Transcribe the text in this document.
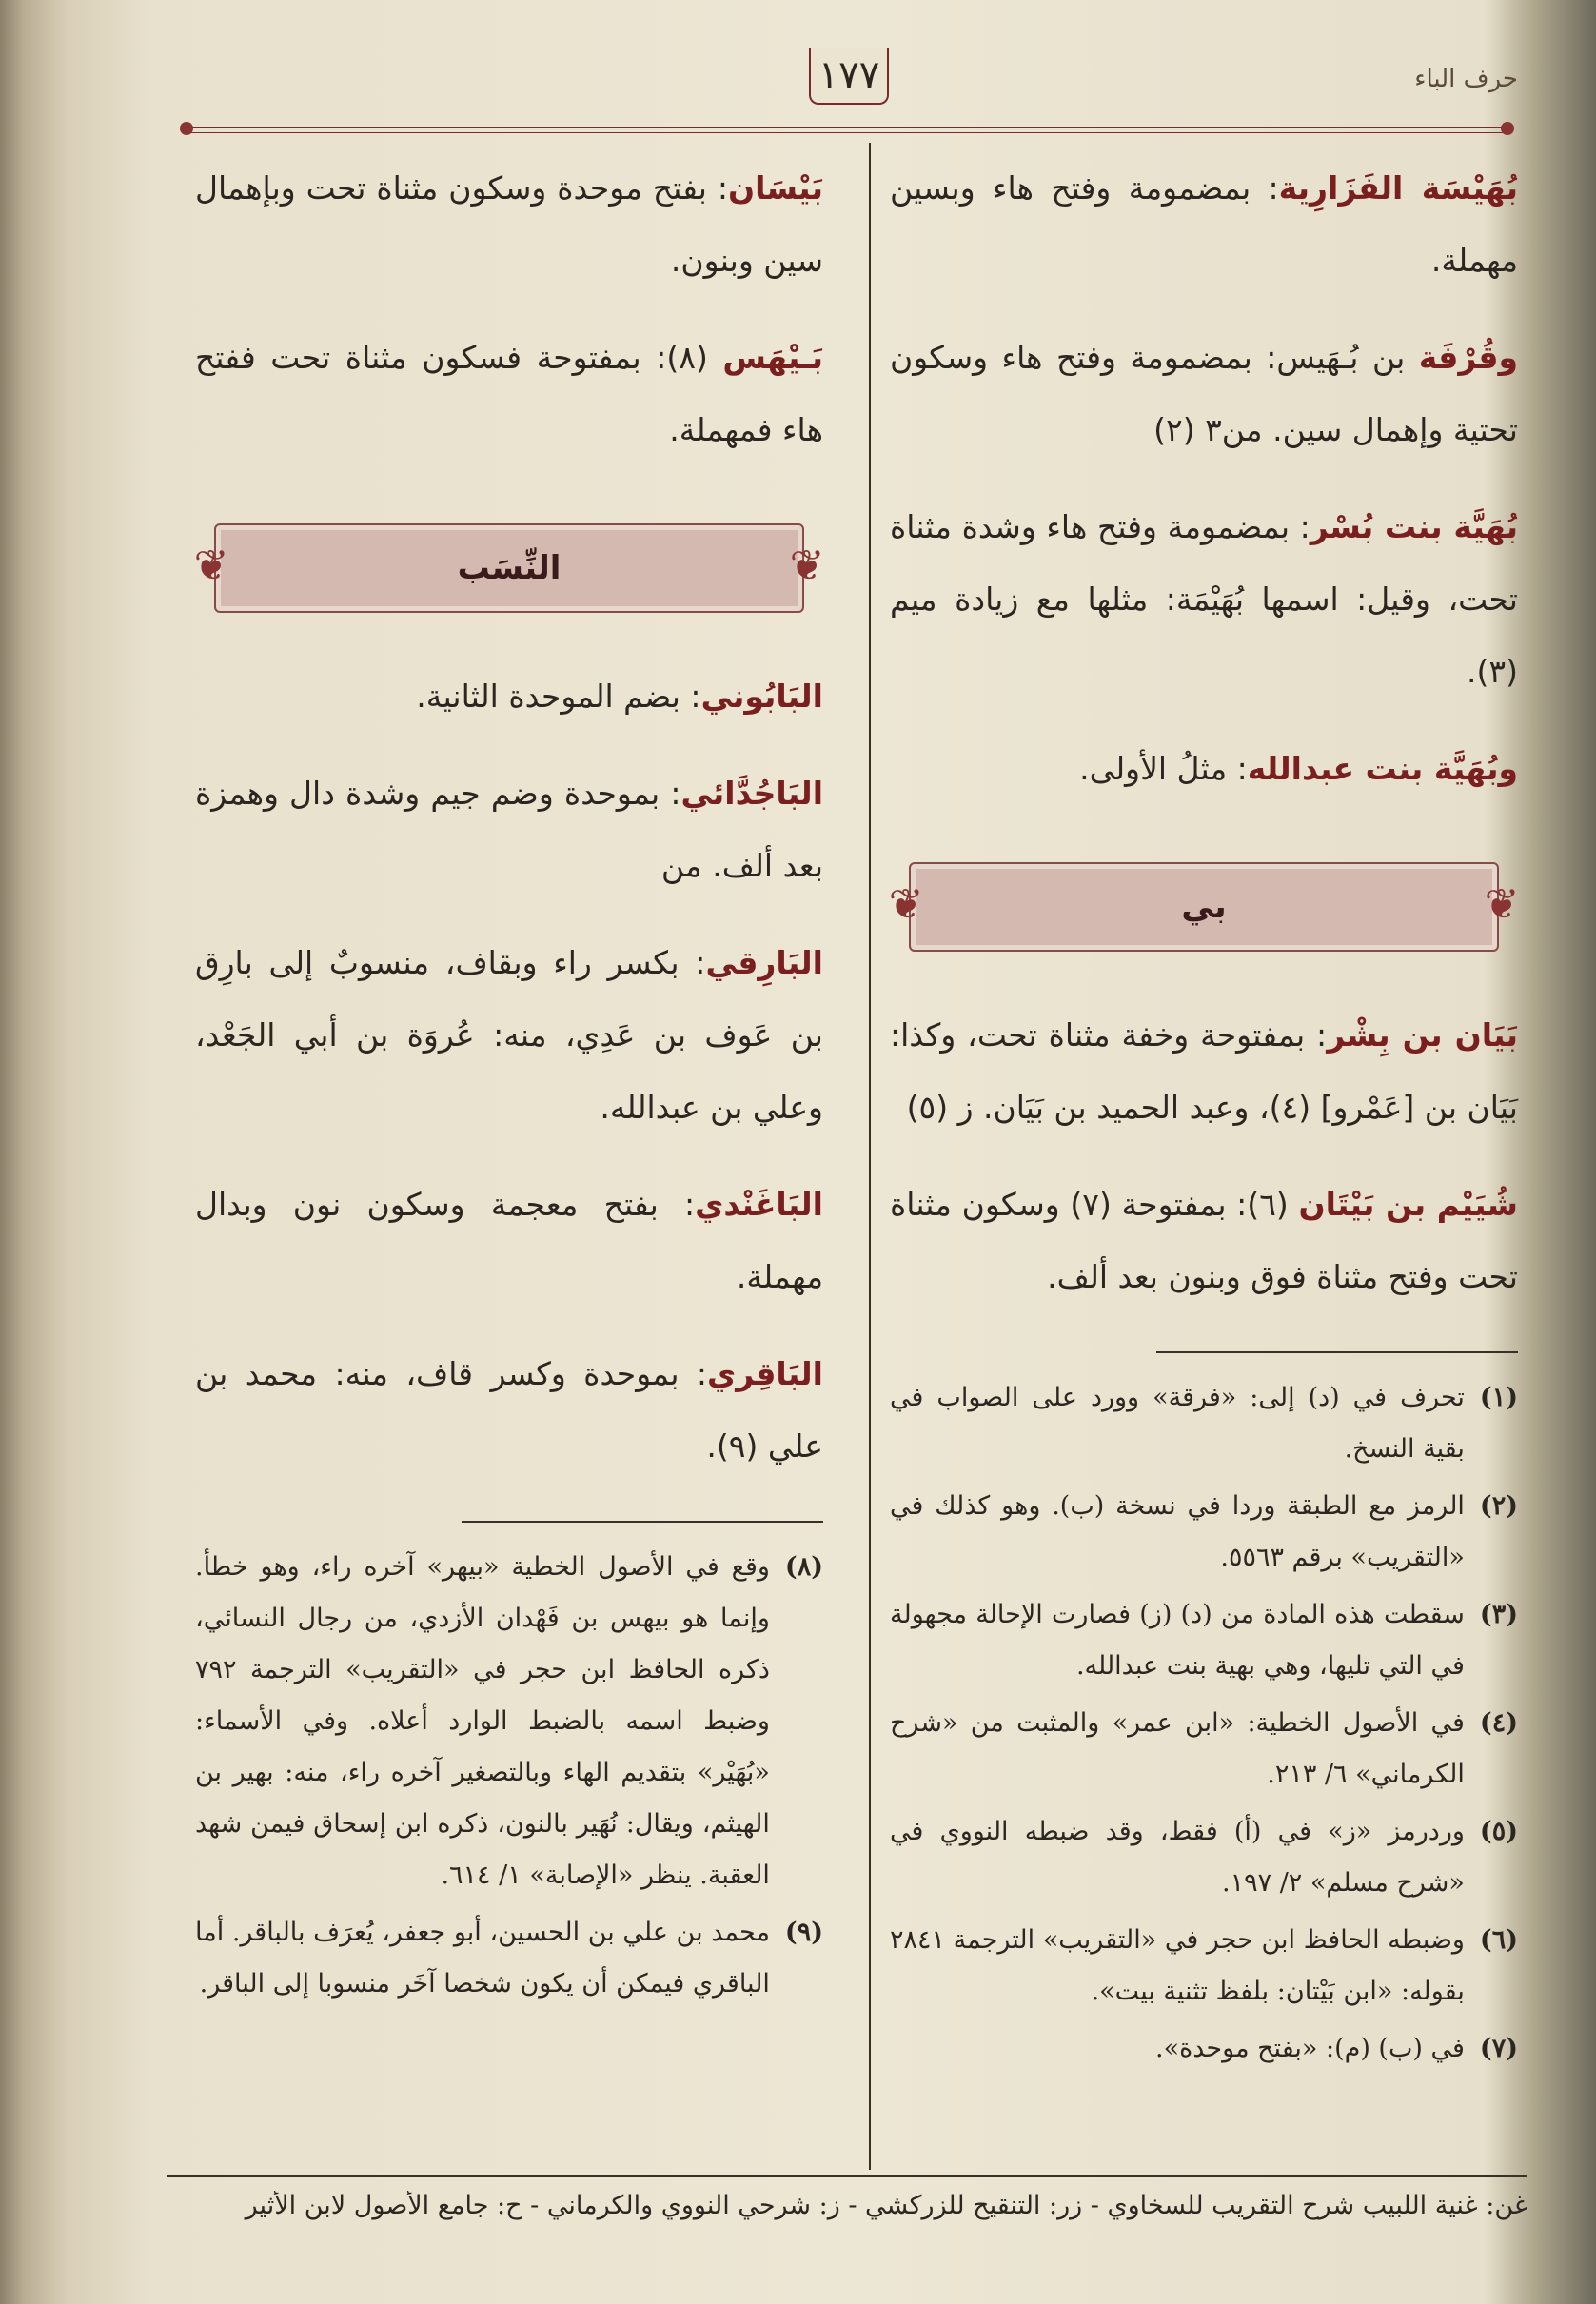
حرف الباء
١٧٧

بُهَيْسَة الفَزَارِية: بمضمومة وفتح هاء وبسين مهملة.

وقُرْفَة بن بُـهَيس: بمضمومة وفتح هاء وسكون تحتية وإهمال سين. من٣ (٢)

بُهَيَّة بنت بُسْر: بمضمومة وفتح هاء وشدة مثناة تحت، وقيل: اسمها بُهَيْمَة: مثلها مع زيادة ميم (٣).

وبُهَيَّة بنت عبدالله: مثلُ الأولى.

❦
بي
❦

بَيَان بن بِشْر: بمفتوحة وخفة مثناة تحت، وكذا: بَيَان بن [عَمْرو] (٤)، وعبد الحميد بن بَيَان. ز (٥)

شُيَيْم بن بَيْتَان (٦): بمفتوحة (٧) وسكون مثناة تحت وفتح مثناة فوق وبنون بعد ألف.

(١)
تحرف في (د) إلى: «فرقة» وورد على الصواب في بقية النسخ.
(٢)
الرمز مع الطبقة وردا في نسخة (ب). وهو كذلك في «التقريب» برقم ٥٥٦٣.
(٣)
سقطت هذه المادة من (د) (ز) فصارت الإحالة مجهولة في التي تليها، وهي بهية بنت عبدالله.
(٤)
في الأصول الخطية: «ابن عمر» والمثبت من «شرح الكرماني» ٦/ ٢١٣.
(٥)
وردرمز «ز» في (أ) فقط، وقد ضبطه النووي في «شرح مسلم» ٢/ ١٩٧.
(٦)
وضبطه الحافظ ابن حجر في «التقريب» الترجمة ٢٨٤١ بقوله: «ابن بَيْتان: بلفظ تثنية بيت».
(٧)
في (ب) (م): «بفتح موحدة».

بَيْسَان: بفتح موحدة وسكون مثناة تحت وبإهمال سين وبنون.

بَـيْهَس (٨): بمفتوحة فسكون مثناة تحت ففتح هاء فمهملة.

❦
النِّسَب
❦

البَابُوني: بضم الموحدة الثانية.

البَاجُدَّائي: بموحدة وضم جيم وشدة دال وهمزة بعد ألف. من

البَارِقي: بكسر راء وبقاف، منسوبٌ إلى بارِق بن عَوف بن عَدِي، منه: عُروَة بن أبي الجَعْد، وعلي بن عبدالله.

البَاغَنْدي: بفتح معجمة وسكون نون وبدال مهملة.

البَاقِري: بموحدة وكسر قاف، منه: محمد بن علي (٩).

(٨)
وقع في الأصول الخطية «بيهر» آخره راء، وهو خطأ. وإنما هو بيهس بن فَهْدان الأزدي، من رجال النسائي، ذكره الحافظ ابن حجر في «التقريب» الترجمة ٧٩٢ وضبط اسمه بالضبط الوارد أعلاه. وفي الأسماء: «بُهَيْر» بتقديم الهاء وبالتصغير آخره راء، منه: بهير بن الهيثم، ويقال: نُهَير بالنون، ذكره ابن إسحاق فيمن شهد العقبة. ينظر «الإصابة» ١/ ٦١٤.
(٩)
محمد بن علي بن الحسين، أبو جعفر، يُعرَف بالباقر. أما الباقري فيمكن أن يكون شخصا آخَر منسوبا إلى الباقر.
غن: غنية اللبيب شرح التقريب للسخاوي - زر: التنقيح للزركشي - ز: شرحي النووي والكرماني - ح: جامع الأصول لابن الأثير
